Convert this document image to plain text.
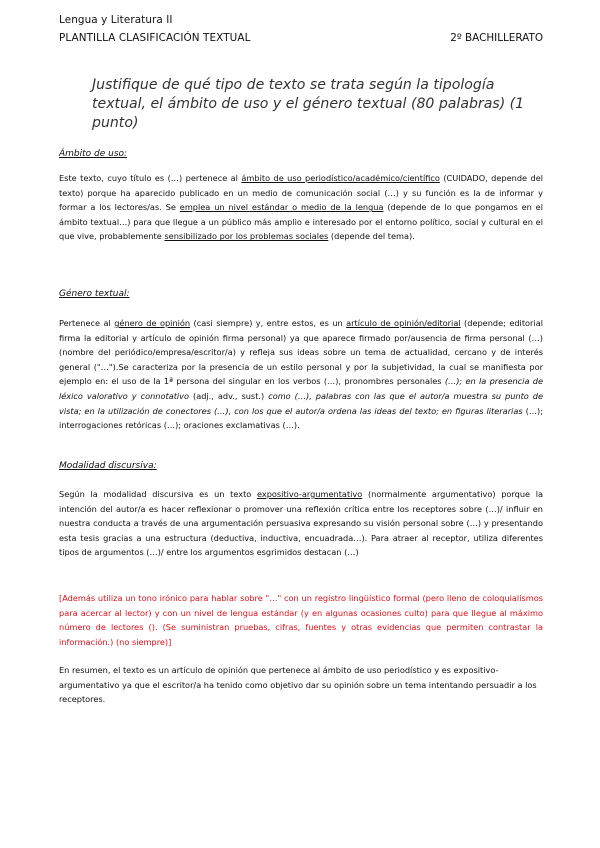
Lengua y Literatura II
PLANTILLA CLASIFICACIÓN TEXTUAL	2º BACHILLERATO
Justifique de qué tipo de texto se trata según la tipología textual, el ámbito de uso y el género textual (80 palabras) (1 punto)
Ámbito de uso:
Este texto, cuyo título es (…) pertenece al ámbito de uso periodístico/académico/científico (CUIDADO, depende del texto) porque ha aparecido publicado en un medio de comunicación social (…) y su función es la de informar y formar a los lectores/as. Se emplea un nivel estándar o medio de la lengua (depende de lo que pongamos en el ámbito textual…) para que llegue a un público más amplio e interesado por el entorno político, social y cultural en el que vive, probablemente sensibilizado por los problemas sociales (depende del tema).
Género textual:
Pertenece al género de opinión (casi siempre) y, entre estos, es un artículo de opinión/editorial (depende; editorial firma la editorial y artículo de opinión firma personal) ya que aparece firmado por/ausencia de firma personal (…) (nombre del periódico/empresa/escritor/a) y refleja sus ideas sobre un tema de actualidad, cercano y de interés general ("…").Se caracteriza por la presencia de un estilo personal y por la subjetividad, la cual se manifiesta por ejemplo en: el uso de la 1ª persona del singular en los verbos (…), pronombres personales (…); en la presencia de léxico valorativo y connotativo (adj., adv., sust.) como (…), palabras con las que el autor/a muestra su punto de vista; en la utilización de conectores (…), con los que el autor/a ordena las ideas del texto; en figuras literarias (…); interrogaciones retóricas (…); oraciones exclamativas (…).
Modalidad discursiva:
Según la modalidad discursiva es un texto expositivo-argumentativo (normalmente argumentativo) porque la intención del autor/a es hacer reflexionar o promover una reflexión crítica entre los receptores sobre (…)/ influir en nuestra conducta a través de una argumentación persuasiva expresando su visión personal sobre (…) y presentando esta tesis gracias a una estructura (deductiva, inductiva, encuadrada…). Para atraer al receptor, utiliza diferentes tipos de argumentos (…)/ entre los argumentos esgrimidos destacan (…)
[Además utiliza un tono irónico para hablar sobre "…" con un registro lingüístico formal (pero lleno de coloquialismos para acercar al lector) y con un nivel de lengua estándar (y en algunas ocasiones culto) para que llegue al máximo número de lectores (). (Se suministran pruebas, cifras, fuentes y otras evidencias que permiten contrastar la información.) (no siempre)]
En resumen, el texto es un artículo de opinión que pertenece al ámbito de uso periodístico y es expositivo-argumentativo ya que el escritor/a ha tenido como objetivo dar su opinión sobre un tema intentando persuadir a los receptores.
